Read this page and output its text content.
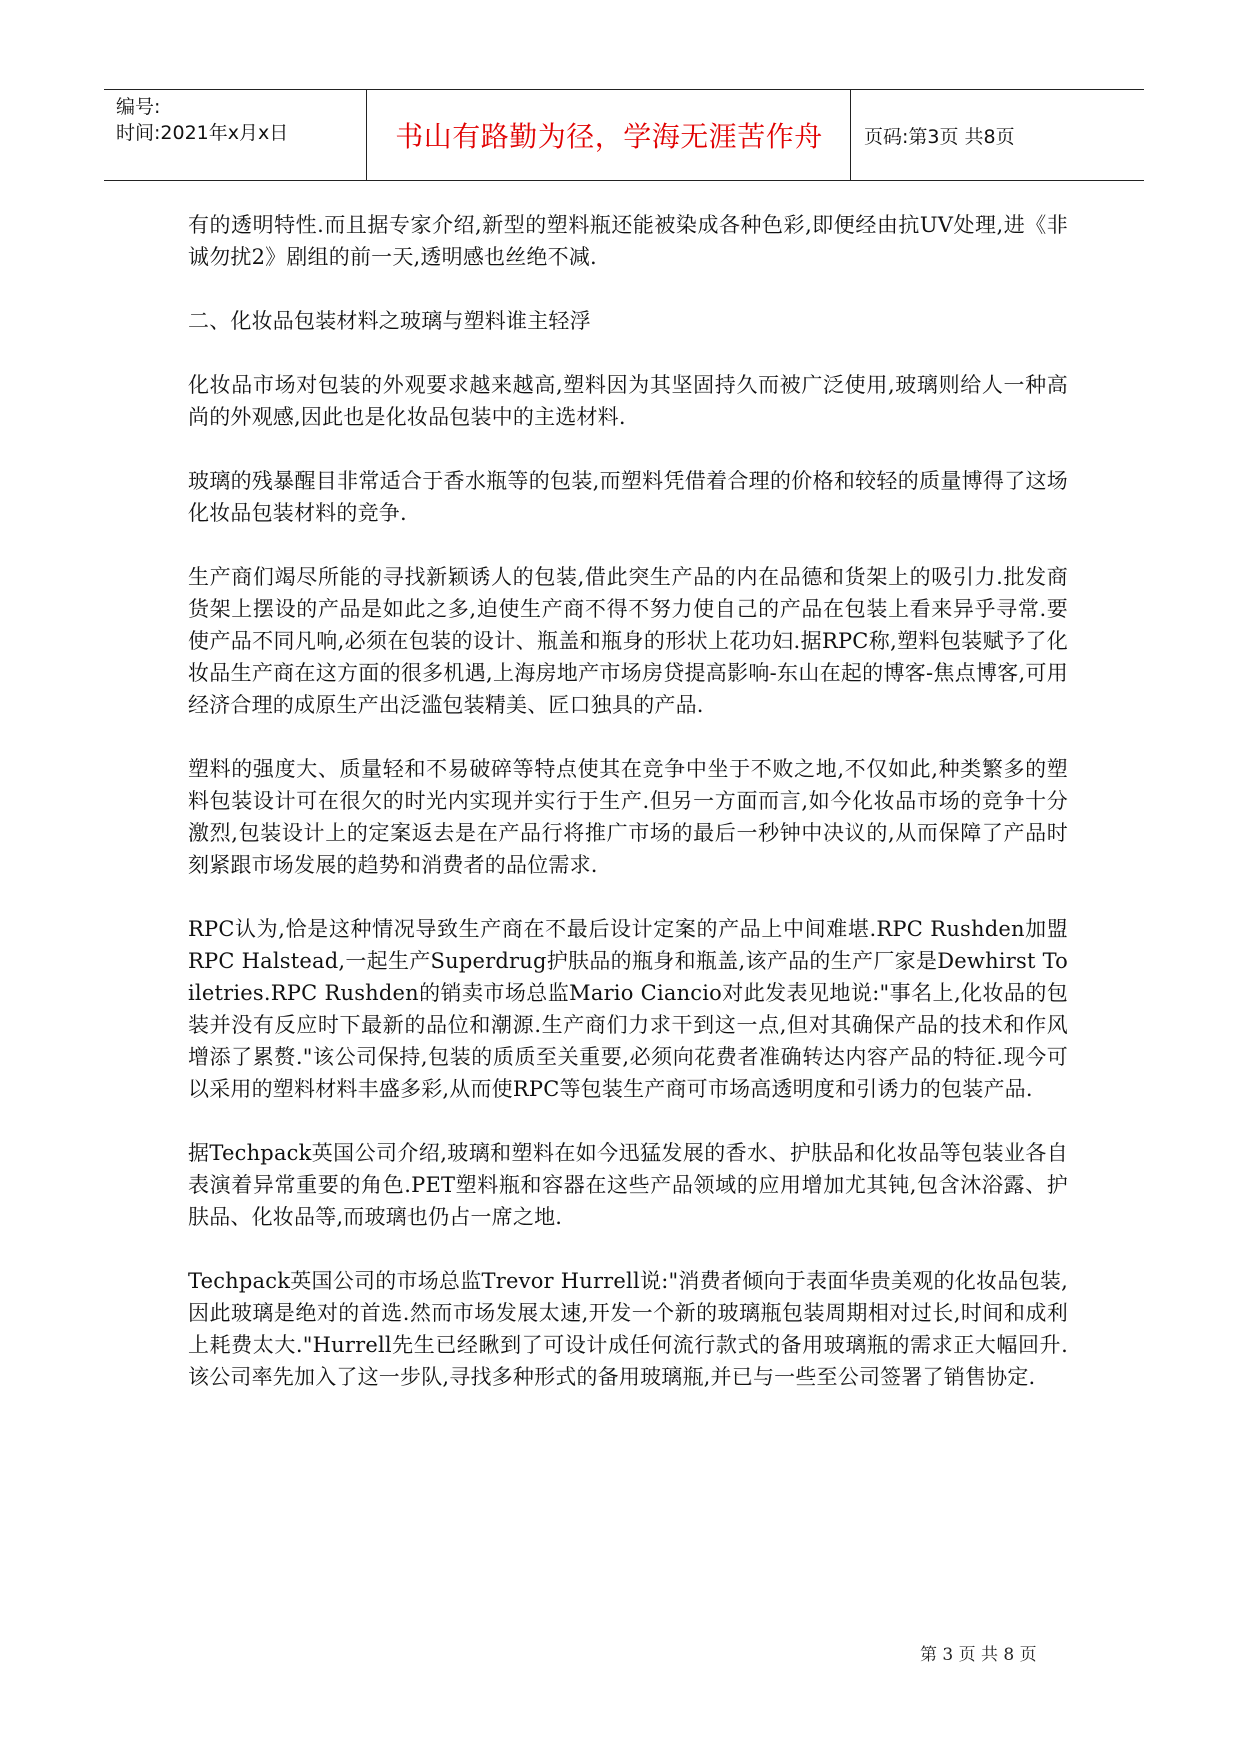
编号:
时间:2021年x月x日	书山有路勤为径，学海无涯苦作舟	页码:第3页 共8页

有的透明特性.而且据专家介绍,新型的塑料瓶还能被染成各种色彩,即便经由抗UV处理,进《非诚勿扰2》剧组的前一天,透明感也丝绝不减.

二、化妆品包装材料之玻璃与塑料谁主轻浮

化妆品市场对包装的外观要求越来越高,塑料因为其坚固持久而被广泛使用,玻璃则给人一种高尚的外观感,因此也是化妆品包装中的主选材料.

玻璃的残暴醒目非常适合于香水瓶等的包装,而塑料凭借着合理的价格和较轻的质量博得了这场化妆品包装材料的竞争.

生产商们竭尽所能的寻找新颖诱人的包装,借此突生产品的内在品德和货架上的吸引力.批发商货架上摆设的产品是如此之多,迫使生产商不得不努力使自己的产品在包装上看来异乎寻常.要使产品不同凡响,必须在包装的设计、瓶盖和瓶身的形状上花功妇.据RPC称,塑料包装赋予了化妆品生产商在这方面的很多机遇,上海房地产市场房贷提高影响-东山在起的博客-焦点博客,可用经济合理的成原生产出泛滥包装精美、匠口独具的产品.

塑料的强度大、质量轻和不易破碎等特点使其在竞争中坐于不败之地,不仅如此,种类繁多的塑料包装设计可在很欠的时光内实现并实行于生产.但另一方面而言,如今化妆品市场的竞争十分激烈,包装设计上的定案返去是在产品行将推广市场的最后一秒钟中决议的,从而保障了产品时刻紧跟市场发展的趋势和消费者的品位需求.

RPC认为,恰是这种情况导致生产商在不最后设计定案的产品上中间难堪.RPC Rushden加盟RPC Halstead,一起生产Superdrug护肤品的瓶身和瓶盖,该产品的生产厂家是Dewhirst Toiletries.RPC Rushden的销卖市场总监Mario Ciancio对此发表见地说:"事名上,化妆品的包装并没有反应时下最新的品位和潮源.生产商们力求干到这一点,但对其确保产品的技术和作风增添了累赘."该公司保持,包装的质质至关重要,必须向花费者准确转达内容产品的特征.现今可以采用的塑料材料丰盛多彩,从而使RPC等包装生产商可市场高透明度和引诱力的包装产品.

据Techpack英国公司介绍,玻璃和塑料在如今迅猛发展的香水、护肤品和化妆品等包装业各自表演着异常重要的角色.PET塑料瓶和容器在这些产品领域的应用增加尤其钝,包含沐浴露、护肤品、化妆品等,而玻璃也仍占一席之地.

Techpack英国公司的市场总监Trevor Hurrell说:"消费者倾向于表面华贵美观的化妆品包装,因此玻璃是绝对的首选.然而市场发展太速,开发一个新的玻璃瓶包装周期相对过长,时间和成利上耗费太大."Hurrell先生已经瞅到了可设计成任何流行款式的备用玻璃瓶的需求正大幅回升.该公司率先加入了这一步队,寻找多种形式的备用玻璃瓶,并已与一些至公司签署了销售协定.

第 3 页 共 8 页
